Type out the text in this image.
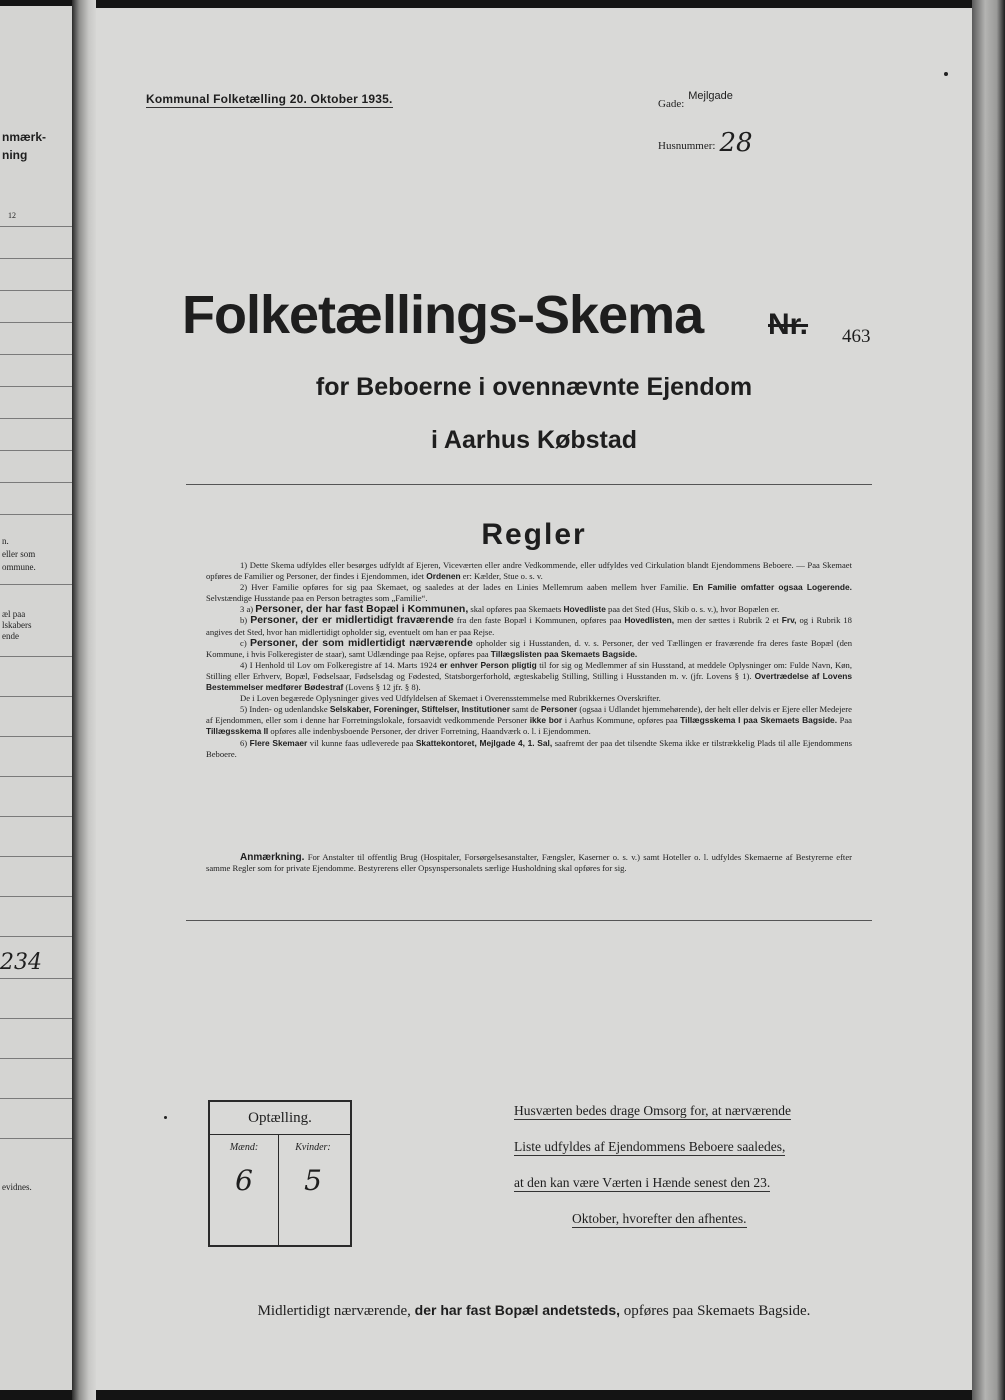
nmærk-
ning
12
n.
eller som
ommune.
æl paa
lskabers
ende
234
evidnes.
Kommunal Folketælling 20. Oktober 1935.	Gade: $^{Mejlgade}$
Husnummer: 28
Folketællings-Skema Nr. 463
for Beboerne i ovennævnte Ejendom
i Aarhus Købstad
Regler

1) Dette Skema udfyldes eller besørges udfyldt af Ejeren, Viceværten eller andre Vedkommende, eller udfyldes ved Cirkulation blandt Ejendommens Beboere. — Paa Skemaet opføres de Familier og Personer, der findes i Ejendommen, idet Ordenen er: Kælder, Stue o. s. v.

2) Hver Familie opføres for sig paa Skemaet, og saaledes at der lades en Linies Mellemrum aaben mellem hver Familie. En Familie omfatter ogsaa Logerende. Selvstændige Husstande paa en Person betragtes som „Familie“.

3 a) Personer, der har fast Bopæl i Kommunen, skal opføres paa Skemaets Hovedliste paa det Sted (Hus, Skib o. s. v.), hvor Bopælen er.

b) Personer, der er midlertidigt fraværende fra den faste Bopæl i Kommunen, opføres paa Hovedlisten, men der sættes i Rubrik 2 et Frv, og i Rubrik 18 angives det Sted, hvor han midlertidigt opholder sig, eventuelt om han er paa Rejse.

c) Personer, der som midlertidigt nærværende opholder sig i Husstanden, d. v. s. Personer, der ved Tællingen er fraværende fra deres faste Bopæl (den Kommune, i hvis Folkeregister de staar), samt Udlændinge paa Rejse, opføres paa Tillægslisten paa Skemaets Bagside.

4) I Henhold til Lov om Folkeregistre af 14. Marts 1924 er enhver Person pligtig til for sig og Medlemmer af sin Husstand, at meddele Oplysninger om: Fulde Navn, Køn, Stilling eller Erhverv, Bopæl, Fødselsaar, Fødselsdag og Fødested, Statsborgerforhold, ægteskabelig Stilling, Stilling i Husstanden m. v. (jfr. Lovens § 1). Overtrædelse af Lovens Bestemmelser medfører Bødestraf (Lovens § 12 jfr. § 8).

De i Loven begærede Oplysninger gives ved Udfyldelsen af Skemaet i Overensstemmelse med Rubrikkernes Overskrifter.

5) Inden- og udenlandske Selskaber, Foreninger, Stiftelser, Institutioner samt de Personer (ogsaa i Udlandet hjemmehørende), der helt eller delvis er Ejere eller Medejere af Ejendommen, eller som i denne har Forretningslokale, forsaavidt vedkommende Personer ikke bor i Aarhus Kommune, opføres paa Tillægsskema I paa Skemaets Bagside. Paa Tillægsskema II opføres alle indenbysboende Personer, der driver Forretning, Haandværk o. l. i Ejendommen.

6) Flere Skemaer vil kunne faas udleverede paa Skattekontoret, Mejlgade 4, 1. Sal, saafremt der paa det tilsendte Skema ikke er tilstrækkelig Plads til alle Ejendommens Beboere.

Anmærkning. For Anstalter til offentlig Brug (Hospitaler, Forsørgelsesanstalter, Fængsler, Kaserner o. s. v.) samt Hoteller o. l. udfyldes Skemaerne af Bestyrerne efter samme Regler som for private Ejendomme. Bestyrerens eller Opsynspersonalets særlige Husholdning skal opføres for sig.

Optælling.
Mænd:	Kvinder:
6	5
Husværten bedes drage Omsorg for, at nærværende
Liste udfyldes af Ejendommens Beboere saaledes,
at den kan være Værten i Hænde senest den 23.
Oktober, hvorefter den afhentes.
Midlertidigt nærværende, der har fast Bopæl andetsteds, opføres paa Skemaets Bagside.
